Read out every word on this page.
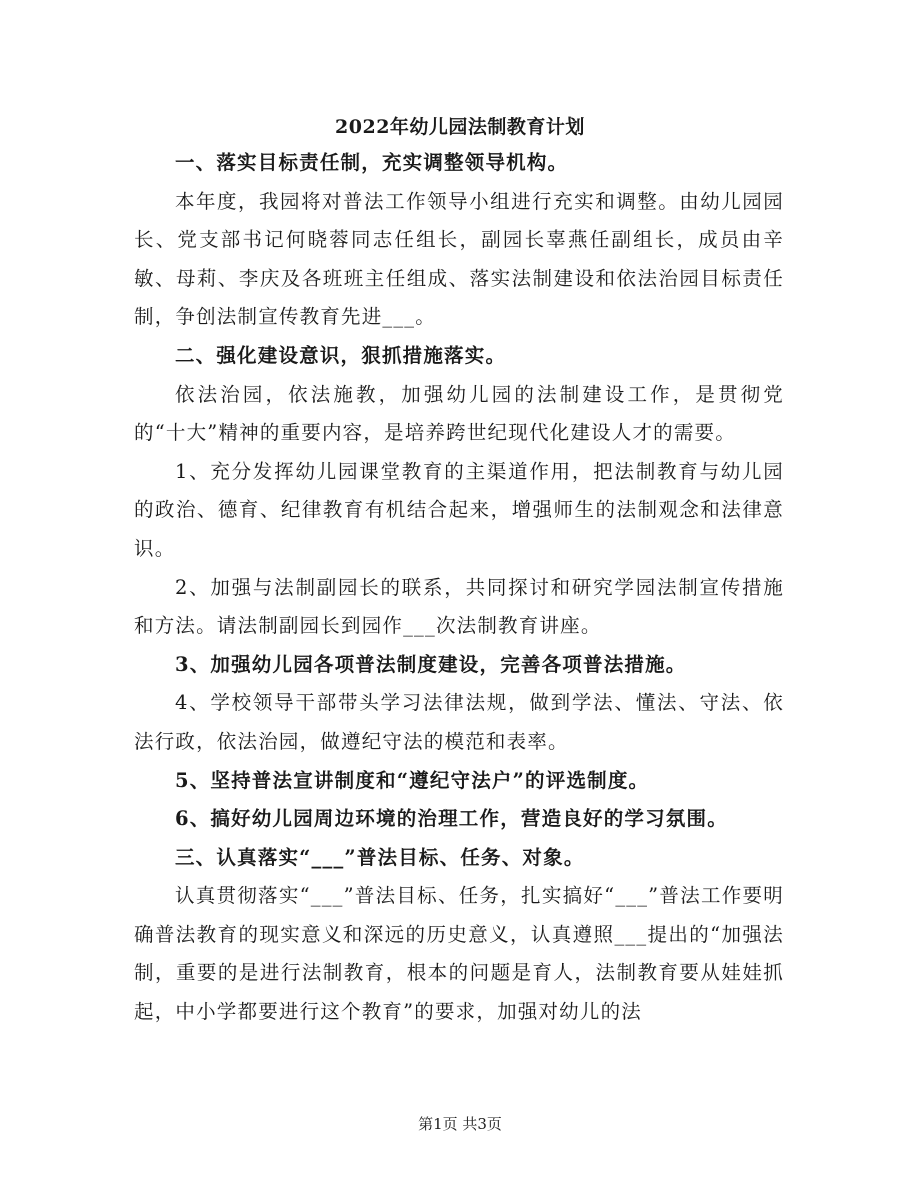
2022年幼儿园法制教育计划

一、落实目标责任制，充实调整领导机构。

本年度，我园将对普法工作领导小组进行充实和调整。由幼儿园园长、党支部书记何晓蓉同志任组长，副园长辜燕任副组长，成员由辛敏、母莉、李庆及各班班主任组成、落实法制建设和依法治园目标责任制，争创法制宣传教育先进___。

二、强化建设意识，狠抓措施落实。

依法治园，依法施教，加强幼儿园的法制建设工作，是贯彻党的“十大”精神的重要内容，是培养跨世纪现代化建设人才的需要。

1、充分发挥幼儿园课堂教育的主渠道作用，把法制教育与幼儿园的政治、德育、纪律教育有机结合起来，增强师生的法制观念和法律意识。

2、加强与法制副园长的联系，共同探讨和研究学园法制宣传措施和方法。请法制副园长到园作___次法制教育讲座。

3、加强幼儿园各项普法制度建设，完善各项普法措施。

4、学校领导干部带头学习法律法规，做到学法、懂法、守法、依法行政，依法治园，做遵纪守法的模范和表率。

5、坚持普法宣讲制度和“遵纪守法户”的评选制度。

6、搞好幼儿园周边环境的治理工作，营造良好的学习氛围。

三、认真落实“___”普法目标、任务、对象。

认真贯彻落实“___”普法目标、任务，扎实搞好“___”普法工作要明确普法教育的现实意义和深远的历史意义，认真遵照___提出的“加强法制，重要的是进行法制教育，根本的问题是育人，法制教育要从娃娃抓起，中小学都要进行这个教育”的要求，加强对幼儿的法

第1页 共3页
